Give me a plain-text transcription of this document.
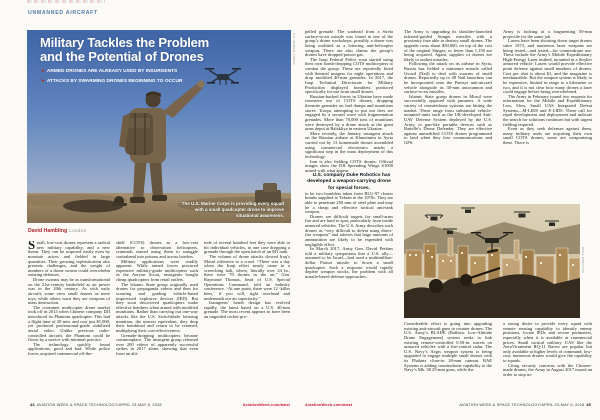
UNMANNED AIRCRAFT
Military Tackles the Problem
and the Potential of Drones
➤ ARMED DRONES ARE ALREADY USED BY INSURGENTS
➤ ATTACKS BY SWARMING DRONES BEGINNING TO OCCUR
The U.S. Marine Corps is providing every squad with a small quadcopter drone to improve situational awareness.
U.S. MARINE CORPS
David Hambling London

Small, low-cost drones represent a radical new military capability, and a new threat. They can be acquired easily even by nonstate actors and fielded in large quantities. Their growing sophistication also presents challenges, and the weight of numbers of a drone swarm could overwhelm existing defenses.

Drone swarms may be as transformational on the 21st-century battlefield as air power was in the 20th century. As with early aircraft, some view small drones as mere toys, while others warn they are weapons of mass destruction.

The consumer multicopter drone market took off in 2013 when Chinese company DJI introduced its Phantom quadcopter. This had a flight time of 20 min. and cost just $1,000, yet produced professional-grade stabilized aerial video. Unlike previous radio-controlled aircraft, the Phantom could be flown by a novice with minimal practice.

The technology quickly found applications, good and bad. While police forces acquired commercial off-the-

shelf (COTS) drones as a low-cost alternative to observation helicopters, criminals started using them to smuggle contraband into prisons and across borders.

Military applications were readily apparent. While armed forces procured expensive military-grade multicopters such as the Aeryon Scout, insurgents bought cheap quadcopters from retail outlets.

The Islamic State group originally used drones for propaganda videos and then for scouting and guiding vehicle-based improvised explosive devices (IED). But they soon discovered quadcopters make effective bombers when armed with modified munitions. Rather than carrying out one-way attacks like the U.S. Switchblade loitering munition, the nearest equivalent, they drop their bombload and return to be rearmed, multiplying their cost-effectiveness.

Grenade-dropping multicopters became commonplace. The insurgent group released over 200 videos of apparently successful strikes in 2017 alone, showing that even from an alti-

tude of several hundred feet they were able to hit individual vehicles, in one case dropping a grenade through the open hatch of an M1 tank.

The volume of drone attacks slowed Iraq’s Mosul offensive to a crawl. “There was a day when the Iraqi effort nearly came to a screeching halt, where, literally over 24 hr., there were 70 drones in the air,” Gen. Raymond Thomas, head of U.S. Special Operations Command, told an industry conference. “At one point, there were 12 ‘killer bees,’ if you will, right overhead and underneath our air superiority.”

Insurgents’ bomb design has evolved rapidly, the latest based on a U.S. 40-mm grenade. The most recent appears to have been an unguided rocket-pro-

pelled grenade. The warhead from a Strela surface-to-air missile was found in one of the group’s drone workshops; possibly a drone was being outfitted as a loitering anti-helicopter weapon. There are also claims the group’s drones have dropped poison gas.

The Iraqi Federal Police soon started using their own bomb-dropping COTS multicopters to combat the group. These are reportedly fitted with thermal imagers for night operations and drop modified 40-mm grenades. In 2017, the Iraqi Technical Directorate for Military Production displayed bomblets produced specifically for use from small drones.

Russian-backed forces in Ukraine have made extensive use of COTS drones, dropping thermite grenades on fuel dumps and munitions stores. Troops attempting to put out fires are engaged by a second wave with fragmentation grenades. More than 70,000 tons of munitions were destroyed by a drone attack at the giant arms depot at Balakliya in eastern Ukraine.

More recently, the January insurgent attack on the Russian airbase at Khmeimim in Syria carried out by 13 homemade drones assembled using commercial electronics marks a significant step in the mass deployment of this technology.

Iran is also fielding COTS drones: Official images show the DJI Spreading Wings S1000 armed with what appear

U.S. company Duke Robotics has developed a weapon-carrying drone for special forces.

to be two bomblets taken from BLU-97 cluster bombs supplied to Tehran in the 1970s. They are able to penetrate 250 mm of steel plate and may be a cheap and effective tactical anti-tank weapon.

Drones are difficult targets for small-arms fire and are hard to spot, particularly from inside armored vehicles. The U.S. Army describes such drones as “very difficult to defeat using direct-fire weapons” and advises that large amounts of ammunition are likely to be expended with negligible effect.

In March 2017, Army Gen. David Perkins told a military symposium that a U.S. ally—assumed to be Israel—had used a multimillion-dollar Patriot missile to down a small quadcopter. Such a response would rapidly deplete weapon stocks, the problem with all missile-based defense approaches.

The Army is upgrading its shoulder-launched infrared-guided Stinger missiles with a proximity fuze able to destroy small drones. The upgrade costs about $50,000, on top of the cost of the original Stinger, so fewer than 1,150 are being acquired. Again, supplies of drones are likely to outlast missiles.

Following the attack on its airbase in Syria, Russia has fielded a miniature missile called Gvozd (Nail) to deal with swarms of small drones. Reportedly up to 48 Nail launchers can be incorporated onto the Pantsyr anti-aircraft vehicle alongside its 30-mm autocannon and surface-to-air missiles.

Islamic State group drones in Mosul were successfully opposed with jammers. A wide variety of counterdrone systems are hitting the market. These range from substantial vehicle-mounted units such as the UK-developed Anti-UAV Defense System deployed by the U.S. Army, to gun-like portable devices such as Battelle’s Drone Defender. They are effective against unmodified COTS drones programmed to land when they lose communications and GPS.

Army is looking at a fragmenting 50-mm projectile for the same job.

Lasers have been shooting down target drones since 1973, and numerous laser weapons are being tested—and tested—for counterdrone use. These include the Army’s Mobile Expeditionary High-Energy Laser testbed, mounted in a Stryker armored vehicle. Lasers would provide effective point defense against small numbers of drones. Cost per shot is about $1, and the magazine is inexhaustible. But the weapon system is likely to be expensive, limited in range to a kilometer or two, and it is not clear how many drones a laser could engage before being overwhelmed.

The Army in February issued two requests for information for the Mobile and Expeditionary Low, Slow, Small UAS Integrated Defeat Systems—M-LIDS and E-LIDS. These call for rapid development and deployment and indicate the search for solutions continues but with urgent fielding required.

Even as they seek defenses against them, many military units are acquiring their own small COTS drones; some are weaponizing these. There is

DUKE ROBOTICS

Considerable effort is going into upgrading existing anti-aircraft guns to counter drones. The U.S. Army’s BLADE (Ballistic Low-Altitude Drone Engagement) system seeks to link existing remote-controlled 0.50-in. turrets on armored vehicles with a fire-control radar. The U.S. Navy’s Aegis weapon system is being upgraded to engage multiple small drones with its Phalanx close-in 20-mm cannon. BAE Systems is adding counterdrone capability to the Navy’s Mk. 38 25-mm guns, while the

a strong desire to provide every squad with remote sensing capability to identify enemy positions, locate IEDs and secure perimeters, especially when it is available at commercial prices. Small tactical military UAS like the AeroVironment RQ-11 Raven are popular but only available at higher levels of command; low-cost, numerous drones would give the capability to squads.

Citing security concerns with the Chinese-made drones, the Army in August 2017 issued an order to stop us-

44 AVIATION WEEK & SPACE TECHNOLOGY/APRIL 23-MAY 6, 2018	AviationWeek.com/awst	AviationWeek.com/awst	AVIATION WEEK & SPACE TECHNOLOGY/APRIL 23-MAY 6, 2018 45
